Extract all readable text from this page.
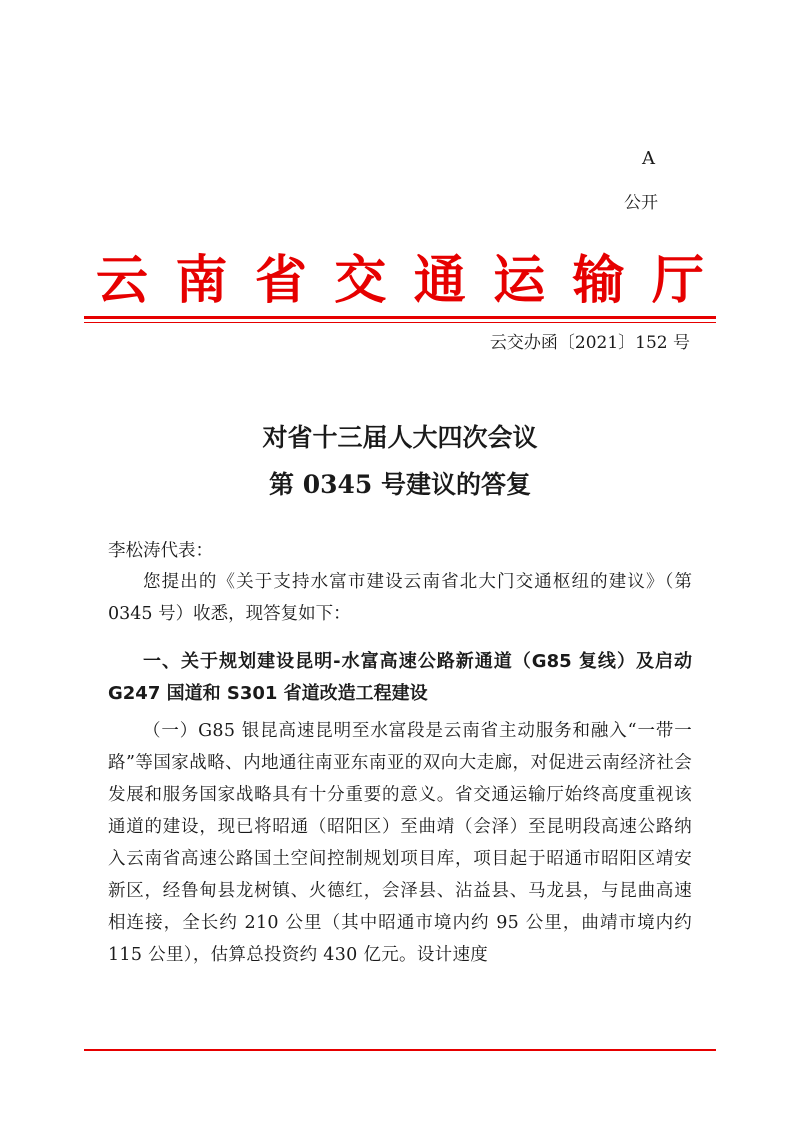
A
公开
云 南 省 交 通 运 输 厅
云交办函〔2021〕152 号
对省十三届人大四次会议
第 0345 号建议的答复
李松涛代表：
您提出的《关于支持水富市建设云南省北大门交通枢纽的建议》（第 0345 号）收悉，现答复如下：
一、关于规划建设昆明-水富高速公路新通道（G85 复线）及启动 G247 国道和 S301 省道改造工程建设
（一）G85 银昆高速昆明至水富段是云南省主动服务和融入“一带一路”等国家战略、内地通往南亚东南亚的双向大走廊，对促进云南经济社会发展和服务国家战略具有十分重要的意义。省交通运输厅始终高度重视该通道的建设，现已将昭通（昭阳区）至曲靖（会泽）至昆明段高速公路纳入云南省高速公路国土空间控制规划项目库，项目起于昭通市昭阳区靖安新区，经鲁甸县龙树镇、火德红，会泽县、沾益县、马龙县，与昆曲高速相连接，全长约 210 公里（其中昭通市境内约 95 公里，曲靖市境内约 115 公里），估算总投资约 430 亿元。设计速度
